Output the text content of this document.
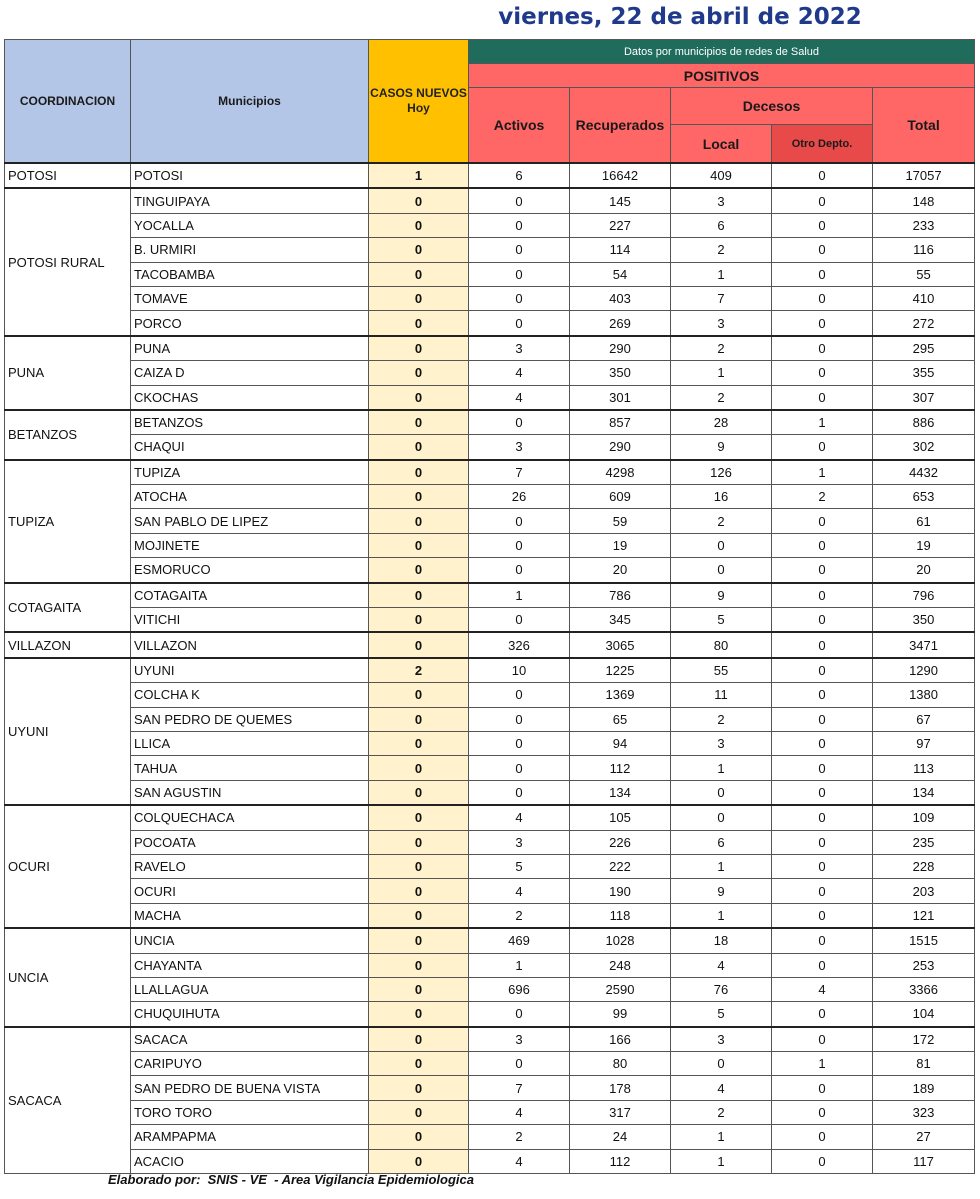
viernes, 22 de abril de 2022
COORDINACION	Municipios	CASOS NUEVOS Hoy	Datos por municipios de redes de Salud				
			POSITIVOS				
			Activos	Recuperados	Decesos		Total
					Local	Otro Depto.	
POTOSI	POTOSI	1	6	16642	409	0	17057
POTOSI RURAL	TINGUIPAYA	0	0	145	3	0	148
	YOCALLA	0	0	227	6	0	233
	B. URMIRI	0	0	114	2	0	116
	TACOBAMBA	0	0	54	1	0	55
	TOMAVE	0	0	403	7	0	410
	PORCO	0	0	269	3	0	272
PUNA	PUNA	0	3	290	2	0	295
	CAIZA D	0	4	350	1	0	355
	CKOCHAS	0	4	301	2	0	307
BETANZOS	BETANZOS	0	0	857	28	1	886
	CHAQUI	0	3	290	9	0	302
TUPIZA	TUPIZA	0	7	4298	126	1	4432
	ATOCHA	0	26	609	16	2	653
	SAN PABLO DE LIPEZ	0	0	59	2	0	61
	MOJINETE	0	0	19	0	0	19
	ESMORUCO	0	0	20	0	0	20
COTAGAITA	COTAGAITA	0	1	786	9	0	796
	VITICHI	0	0	345	5	0	350
VILLAZON	VILLAZON	0	326	3065	80	0	3471
UYUNI	UYUNI	2	10	1225	55	0	1290
	COLCHA K	0	0	1369	11	0	1380
	SAN PEDRO DE QUEMES	0	0	65	2	0	67
	LLICA	0	0	94	3	0	97
	TAHUA	0	0	112	1	0	113
	SAN AGUSTIN	0	0	134	0	0	134
OCURI	COLQUECHACA	0	4	105	0	0	109
	POCOATA	0	3	226	6	0	235
	RAVELO	0	5	222	1	0	228
	OCURI	0	4	190	9	0	203
	MACHA	0	2	118	1	0	121
UNCIA	UNCIA	0	469	1028	18	0	1515
	CHAYANTA	0	1	248	4	0	253
	LLALLAGUA	0	696	2590	76	4	3366
	CHUQUIHUTA	0	0	99	5	0	104
SACACA	SACACA	0	3	166	3	0	172
	CARIPUYO	0	0	80	0	1	81
	SAN PEDRO DE BUENA VISTA	0	7	178	4	0	189
	TORO TORO	0	4	317	2	0	323
	ARAMPAPMA	0	2	24	1	0	27
	ACACIO	0	4	112	1	0	117
Elaborado por:  SNIS - VE  - Area Vigilancia Epidemiologica
